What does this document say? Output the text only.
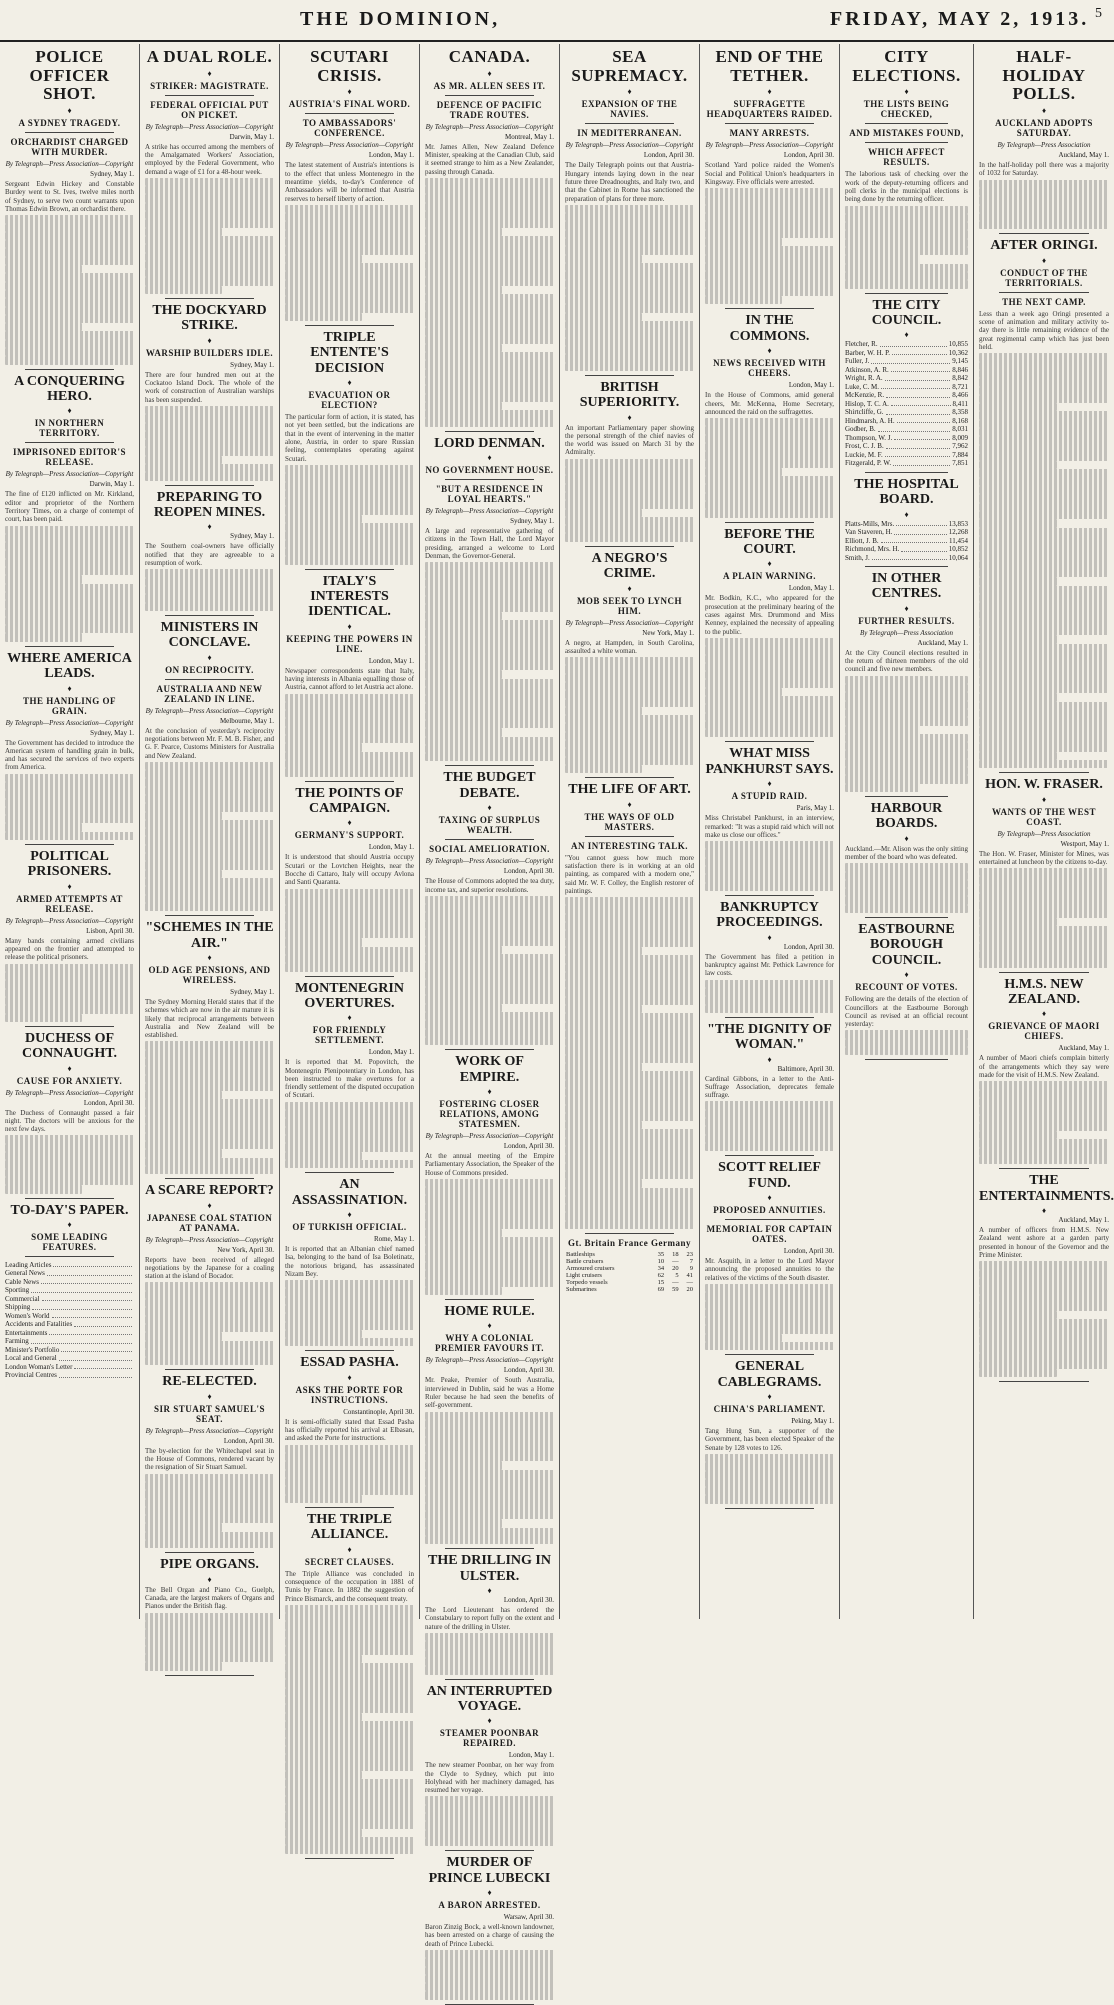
THE DOMINION,	FRIDAY, MAY 2, 1913. 5
POLICE OFFICER SHOT.
♦
A SYDNEY TRAGEDY.
ORCHARDIST CHARGED WITH MURDER.
By Telegraph—Press Association—Copyright
Sydney, May 1.
Sergeant Edwin Hickey and Constable Burdey went to St. Ives, twelve miles north of Sydney, to serve two count warrants upon Thomas Edwin Brown, an orchardist there.
A CONQUERING HERO.
♦
IN NORTHERN TERRITORY.
IMPRISONED EDITOR'S RELEASE.
By Telegraph—Press Association—Copyright
Darwin, May 1.
The fine of £120 inflicted on Mr. Kirkland, editor and proprietor of the Northern Territory Times, on a charge of contempt of court, has been paid.
WHERE AMERICA LEADS.
♦
THE HANDLING OF GRAIN.
By Telegraph—Press Association—Copyright
Sydney, May 1.
The Government has decided to introduce the American system of handling grain in bulk, and has secured the services of two experts from America.
POLITICAL PRISONERS.
♦
ARMED ATTEMPTS AT RELEASE.
By Telegraph—Press Association—Copyright
Lisbon, April 30.
Many bands containing armed civilians appeared on the frontier and attempted to release the political prisoners.
DUCHESS OF CONNAUGHT.
♦
CAUSE FOR ANXIETY.
By Telegraph—Press Association—Copyright
London, April 30.
The Duchess of Connaught passed a fair night. The doctors will be anxious for the next few days.
TO-DAY'S PAPER.
♦
SOME LEADING FEATURES.
Leading Articles
General News
Cable News
Sporting
Commercial
Shipping
Women's World
Accidents and Fatalities
Entertainments
Farming
Minister's Portfolio
Local and General
London Woman's Letter
Provincial Centres
A DUAL ROLE.
♦
STRIKER: MAGISTRATE.
FEDERAL OFFICIAL PUT ON PICKET.
By Telegraph—Press Association—Copyright
Darwin, May 1.
A strike has occurred among the members of the Amalgamated Workers' Association, employed by the Federal Government, who demand a wage of £1 for a 48-hour week.
THE DOCKYARD STRIKE.
♦
WARSHIP BUILDERS IDLE.
Sydney, May 1.
There are four hundred men out at the Cockatoo Island Dock. The whole of the work of construction of Australian warships has been suspended.
PREPARING TO REOPEN MINES.
♦
Sydney, May 1.
The Southern coal-owners have officially notified that they are agreeable to a resumption of work.
MINISTERS IN CONCLAVE.
♦
ON RECIPROCITY.
AUSTRALIA AND NEW ZEALAND IN LINE.
By Telegraph—Press Association—Copyright
Melbourne, May 1.
At the conclusion of yesterday's reciprocity negotiations between Mr. F. M. B. Fisher, and G. F. Pearce, Customs Ministers for Australia and New Zealand.
"SCHEMES IN THE AIR."
♦
OLD AGE PENSIONS, AND WIRELESS.
Sydney, May 1.
The Sydney Morning Herald states that if the schemes which are now in the air mature it is likely that reciprocal arrangements between Australia and New Zealand will be established.
A SCARE REPORT?
♦
JAPANESE COAL STATION AT PANAMA.
By Telegraph—Press Association—Copyright
New York, April 30.
Reports have been received of alleged negotiations by the Japanese for a coaling station at the island of Bocador.
RE-ELECTED.
♦
SIR STUART SAMUEL'S SEAT.
By Telegraph—Press Association—Copyright
London, April 30.
The by-election for the Whitechapel seat in the House of Commons, rendered vacant by the resignation of Sir Stuart Samuel.
PIPE ORGANS.
♦
The Bell Organ and Piano Co., Guelph, Canada, are the largest makers of Organs and Pianos under the British flag.
SCUTARI CRISIS.
♦
AUSTRIA'S FINAL WORD.
TO AMBASSADORS' CONFERENCE.
By Telegraph—Press Association—Copyright
London, May 1.
The latest statement of Austria's intentions is to the effect that unless Montenegro in the meantime yields, to-day's Conference of Ambassadors will be informed that Austria reserves to herself liberty of action.
TRIPLE ENTENTE'S DECISION
♦
EVACUATION OR ELECTION?
The particular form of action, it is stated, has not yet been settled, but the indications are that in the event of intervening in the matter alone, Austria, in order to spare Russian feeling, contemplates operating against Scutari.
ITALY'S INTERESTS IDENTICAL.
♦
KEEPING THE POWERS IN LINE.
London, May 1.
Newspaper correspondents state that Italy, having interests in Albania equalling those of Austria, cannot afford to let Austria act alone.
THE POINTS OF CAMPAIGN.
♦
GERMANY'S SUPPORT.
London, May 1.
It is understood that should Austria occupy Scutari or the Lovtchen Heights, near the Bocche di Cattaro, Italy will occupy Avlona and Santi Quaranta.
MONTENEGRIN OVERTURES.
♦
FOR FRIENDLY SETTLEMENT.
London, May 1.
It is reported that M. Popovitch, the Montenegrin Plenipotentiary in London, has been instructed to make overtures for a friendly settlement of the disputed occupation of Scutari.
AN ASSASSINATION.
♦
OF TURKISH OFFICIAL.
Rome, May 1.
It is reported that an Albanian chief named Isa, belonging to the band of Isa Boletinatz, the notorious brigand, has assassinated Nizam Bey.
ESSAD PASHA.
♦
ASKS THE PORTE FOR INSTRUCTIONS.
Constantinople, April 30.
It is semi-officially stated that Essad Pasha has officially reported his arrival at Elbasan, and asked the Porte for instructions.
THE TRIPLE ALLIANCE.
♦
SECRET CLAUSES.
The Triple Alliance was concluded in consequence of the occupation in 1881 of Tunis by France. In 1882 the suggestion of Prince Bismarck, and the consequent treaty.
CANADA.
♦
AS MR. ALLEN SEES IT.
DEFENCE OF PACIFIC TRADE ROUTES.
By Telegraph—Press Association—Copyright
Montreal, May 1.
Mr. James Allen, New Zealand Defence Minister, speaking at the Canadian Club, said it seemed strange to him as a New Zealander, passing through Canada.
LORD DENMAN.
♦
NO GOVERNMENT HOUSE.
"BUT A RESIDENCE IN LOYAL HEARTS."
By Telegraph—Press Association—Copyright
Sydney, May 1.
A large and representative gathering of citizens in the Town Hall, the Lord Mayor presiding, arranged a welcome to Lord Denman, the Governor-General.
THE BUDGET DEBATE.
♦
TAXING OF SURPLUS WEALTH.
SOCIAL AMELIORATION.
By Telegraph—Press Association—Copyright
London, April 30.
The House of Commons adopted the tea duty, income tax, and superior resolutions.
WORK OF EMPIRE.
♦
FOSTERING CLOSER RELATIONS, AMONG STATESMEN.
By Telegraph—Press Association—Copyright
London, April 30.
At the annual meeting of the Empire Parliamentary Association, the Speaker of the House of Commons presided.
HOME RULE.
♦
WHY A COLONIAL PREMIER FAVOURS IT.
By Telegraph—Press Association—Copyright
London, April 30.
Mr. Peake, Premier of South Australia, interviewed in Dublin, said he was a Home Ruler because he had seen the benefits of self-government.
THE DRILLING IN ULSTER.
♦
London, April 30.
The Lord Lieutenant has ordered the Constabulary to report fully on the extent and nature of the drilling in Ulster.
AN INTERRUPTED VOYAGE.
♦
STEAMER POONBAR REPAIRED.
London, May 1.
The new steamer Poonbar, on her way from the Clyde to Sydney, which put into Holyhead with her machinery damaged, has resumed her voyage.
MURDER OF PRINCE LUBECKI
♦
A BARON ARRESTED.
Warsaw, April 30.
Baron Zinzig Bock, a well-known landowner, has been arrested on a charge of causing the death of Prince Lubecki.
SEA SUPREMACY.
♦
EXPANSION OF THE NAVIES.
IN MEDITERRANEAN.
By Telegraph—Press Association—Copyright
London, April 30.
The Daily Telegraph points out that Austria-Hungary intends laying down in the near future three Dreadnoughts, and Italy two, and that the Cabinet in Rome has sanctioned the preparation of plans for three more.
BRITISH SUPERIORITY.
♦
An important Parliamentary paper showing the personal strength of the chief navies of the world was issued on March 31 by the Admiralty.
A NEGRO'S CRIME.
♦
MOB SEEK TO LYNCH HIM.
By Telegraph—Press Association—Copyright
New York, May 1.
A negro, at Hampden, in South Carolina, assaulted a white woman.
THE LIFE OF ART.
♦
THE WAYS OF OLD MASTERS.
AN INTERESTING TALK.
"You cannot guess how much more satisfaction there is in working at an old painting, as compared with a modern one," said Mr. W. F. Colley, the English restorer of paintings.
Gt. Britain France Germany
Battleships	35	18	23
Battle cruisers	10	—	7
Armoured cruisers	34	20	9
Light cruisers	62	5	41
Torpedo vessels	15	—	—
Submarines	69	59	20
END OF THE TETHER.
♦
SUFFRAGETTE HEADQUARTERS RAIDED.
MANY ARRESTS.
By Telegraph—Press Association—Copyright
London, April 30.
Scotland Yard police raided the Women's Social and Political Union's headquarters in Kingsway. Five officials were arrested.
IN THE COMMONS.
♦
NEWS RECEIVED WITH CHEERS.
London, May 1.
In the House of Commons, amid general cheers, Mr. McKenna, Home Secretary, announced the raid on the suffragettes.
BEFORE THE COURT.
♦
A PLAIN WARNING.
London, May 1.
Mr. Bodkin, K.C., who appeared for the prosecution at the preliminary hearing of the cases against Mrs. Drummond and Miss Kenney, explained the necessity of appealing to the public.
WHAT MISS PANKHURST SAYS.
♦
A STUPID RAID.
Paris, May 1.
Miss Christabel Pankhurst, in an interview, remarked: "It was a stupid raid which will not make us close our offices."
BANKRUPTCY PROCEEDINGS.
♦
London, April 30.
The Government has filed a petition in bankruptcy against Mr. Pethick Lawrence for law costs.
"THE DIGNITY OF WOMAN."
♦
Baltimore, April 30.
Cardinal Gibbons, in a letter to the Anti-Suffrage Association, deprecates female suffrage.
SCOTT RELIEF FUND.
♦
PROPOSED ANNUITIES.
MEMORIAL FOR CAPTAIN OATES.
London, April 30.
Mr. Asquith, in a letter to the Lord Mayor announcing the proposed annuities to the relatives of the victims of the South disaster.
GENERAL CABLEGRAMS.
♦
CHINA'S PARLIAMENT.
Peking, May 1.
Tang Hung Sun, a supporter of the Government, has been elected Speaker of the Senate by 128 votes to 126.
CITY ELECTIONS.
♦
THE LISTS BEING CHECKED,
AND MISTAKES FOUND,
WHICH AFFECT RESULTS.
The laborious task of checking over the work of the deputy-returning officers and poll clerks in the municipal elections is being done by the returning officer.
THE CITY COUNCIL.
♦
Fletcher, R.	10,855
Barber, W. H. P.	10,362
Fuller, J.	9,145
Atkinson, A. R.	8,846
Wright, R. A.	8,842
Luke, C. M.	8,721
McKenzie, R.	8,466
Hislop, T. C. A.	8,411
Shirtcliffe, G.	8,358
Hindmarsh, A. H.	8,168
Godber, B.	8,031
Thompson, W. J.	8,009
Frost, C. J. B.	7,962
Luckie, M. F.	7,884
Fitzgerald, P. W.	7,851
THE HOSPITAL BOARD.
♦
Platts-Mills, Mrs.	13,853
Van Staveren, H.	12,268
Elliott, J. B.	11,454
Richmond, Mrs. H.	10,852
Smith, J.	10,064
IN OTHER CENTRES.
♦
FURTHER RESULTS.
By Telegraph—Press Association
Auckland, May 1.
At the City Council elections resulted in the return of thirteen members of the old council and five new members.
HARBOUR BOARDS.
♦
Auckland.—Mr. Alison was the only sitting member of the board who was defeated.
EASTBOURNE BOROUGH COUNCIL.
♦
RECOUNT OF VOTES.
Following are the details of the election of Councillors at the Eastbourne Borough Council as revised at an official recount yesterday:
HALF-HOLIDAY POLLS.
♦
AUCKLAND ADOPTS SATURDAY.
By Telegraph—Press Association
Auckland, May 1.
In the half-holiday poll there was a majority of 1032 for Saturday.
AFTER ORINGI.
♦
CONDUCT OF THE TERRITORIALS.
THE NEXT CAMP.
Less than a week ago Oringi presented a scene of animation and military activity to-day there is little remaining evidence of the great regimental camp which has just been held.
HON. W. FRASER.
♦
WANTS OF THE WEST COAST.
By Telegraph—Press Association
Westport, May 1.
The Hon. W. Fraser, Minister for Mines, was entertained at luncheon by the citizens to-day.
H.M.S. NEW ZEALAND.
♦
GRIEVANCE OF MAORI CHIEFS.
Auckland, May 1.
A number of Maori chiefs complain bitterly of the arrangements which they say were made for the visit of H.M.S. New Zealand.
THE ENTERTAINMENTS.
♦
Auckland, May 1.
A number of officers from H.M.S. New Zealand went ashore at a garden party presented in honour of the Governor and the Prime Minister.
